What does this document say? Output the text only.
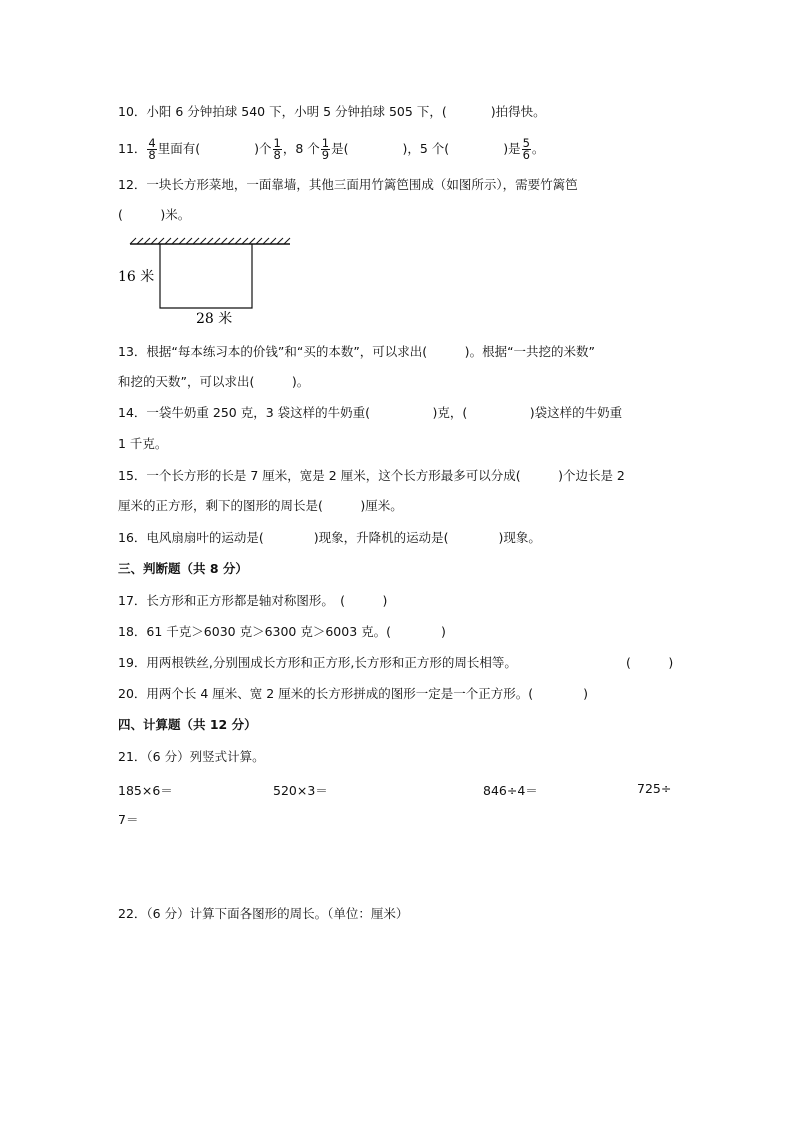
10．小阳 6 分钟拍球 540 下，小明 5 分钟拍球 505 下，(	)拍得快。
11． $\frac{4}{8}$ 里面有(	)个 $\frac{1}{8}$ ，8 个 $\frac{1}{9}$ 是(	)，5 个(	)是 $\frac{5}{6}$ 。
12．一块长方形菜地，一面靠墙，其他三面用竹篱笆围成（如图所示），需要竹篱笆
(　　　)米。
16 米
28 米
13．根据“每本练习本的价钱”和“买的本数”，可以求出(　　　)。根据“一共挖的米数”
和挖的天数”，可以求出(　　　)。
14．一袋牛奶重 250 克，3 袋这样的牛奶重(　　　　　)克，(　　　　　)袋这样的牛奶重
1 千克。
15．一个长方形的长是 7 厘米，宽是 2 厘米，这个长方形最多可以分成(　　　)个边长是 2
厘米的正方形，剩下的图形的周长是(　　　)厘米。
16．电风扇扇叶的运动是(　　　　)现象，升降机的运动是(　　　　)现象。
三、判断题（共 8 分）
17．长方形和正方形都是轴对称图形。　(　　　)
18．61 千克＞6030 克＞6300 克＞6003 克。(　　　　)
19．用两根铁丝,分别围成长方形和正方形,长方形和正方形的周长相等。	(　　　)
20．用两个长 4 厘米、宽 2 厘米的长方形拼成的图形一定是一个正方形。(　　　　)
四、计算题（共 12 分）
21．（6 分）列竖式计算。
185×6＝	520×3＝	846÷4＝	725÷
7＝
22．（6 分）计算下面各图形的周长。（单位：厘米）
